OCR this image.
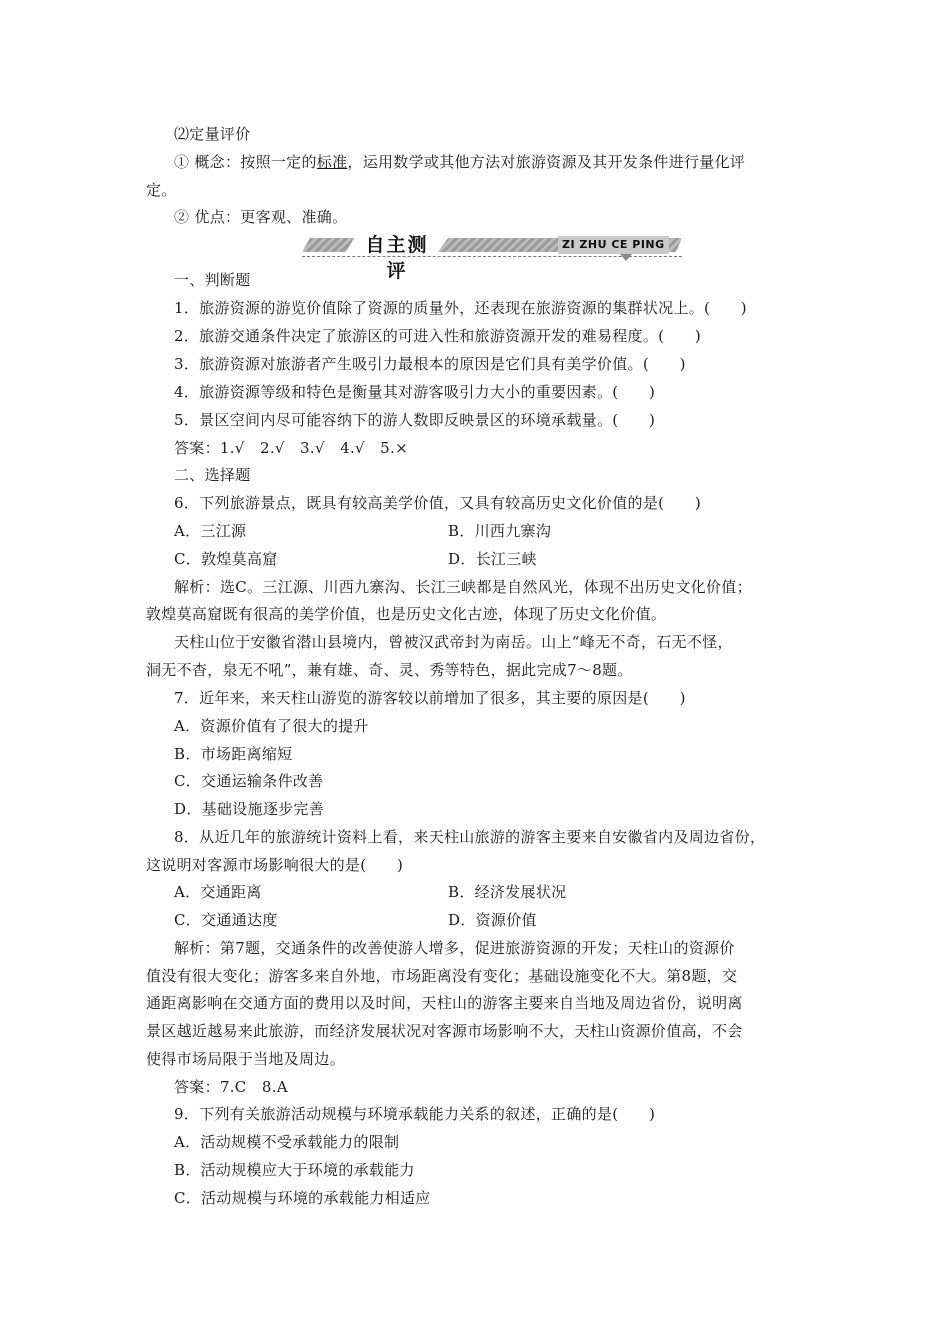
⑵定量评价
① 概念：按照一定的标准，运用数学或其他方法对旅游资源及其开发条件进行量化评
定。
② 优点：更客观、准确。
自主测评
ZI ZHU CE PING
一、判断题
1．旅游资源的游览价值除了资源的质量外，还表现在旅游资源的集群状况上。(　　)
2．旅游交通条件决定了旅游区的可进入性和旅游资源开发的难易程度。(　　)
3．旅游资源对旅游者产生吸引力最根本的原因是它们具有美学价值。(　　)
4．旅游资源等级和特色是衡量其对游客吸引力大小的重要因素。(　　)
5．景区空间内尽可能容纳下的游人数即反映景区的环境承载量。(　　)
答案：1.√　2.√　3.√　4.√　5.×
二、选择题
6．下列旅游景点，既具有较高美学价值，又具有较高历史文化价值的是(　　)
A．三江源	B．川西九寨沟
C．敦煌莫高窟	D．长江三峡
解析：选C。三江源、川西九寨沟、长江三峡都是自然风光，体现不出历史文化价值；
敦煌莫高窟既有很高的美学价值，也是历史文化古迹，体现了历史文化价值。
天柱山位于安徽省潜山县境内，曾被汉武帝封为南岳。山上“峰无不奇，石无不怪，
洞无不杳，泉无不吼”，兼有雄、奇、灵、秀等特色，据此完成7～8题。
7．近年来，来天柱山游览的游客较以前增加了很多，其主要的原因是(　　)
A．资源价值有了很大的提升
B．市场距离缩短
C．交通运输条件改善
D．基础设施逐步完善
8．从近几年的旅游统计资料上看，来天柱山旅游的游客主要来自安徽省内及周边省份，
这说明对客源市场影响很大的是(　　)
A．交通距离	B．经济发展状况
C．交通通达度	D．资源价值
解析：第7题，交通条件的改善使游人增多，促进旅游资源的开发；天柱山的资源价
值没有很大变化；游客多来自外地，市场距离没有变化；基础设施变化不大。第8题，交
通距离影响在交通方面的费用以及时间，天柱山的游客主要来自当地及周边省份，说明离
景区越近越易来此旅游，而经济发展状况对客源市场影响不大，天柱山资源价值高，不会
使得市场局限于当地及周边。
答案：7.C　8.A
9．下列有关旅游活动规模与环境承载能力关系的叙述，正确的是(　　)
A．活动规模不受承载能力的限制
B．活动规模应大于环境的承载能力
C．活动规模与环境的承载能力相适应
